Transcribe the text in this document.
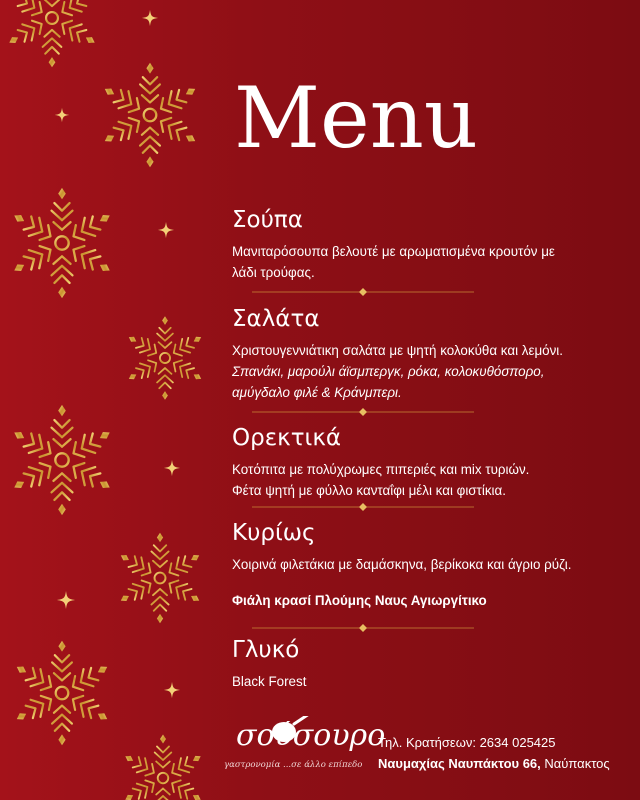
Menu
Σούπα
Μανιταρόσουπα βελουτέ με αρωματισμένα κρουτόν με
λάδι τρούφας.
Σαλάτα
Χριστουγεννιάτικη σαλάτα με ψητή κολοκύθα και λεμόνι.
Σπανάκι, μαρούλι άϊσμπεργκ, ρόκα, κολοκυθόσπορο,
αμύγδαλο φιλέ & Κράνμπερι.
Ορεκτικά
Κοτόπιτα με πολύχρωμες πιπεριές και mix τυριών.
Φέτα ψητή με φύλλο κανταΐφι μέλι και φιστίκια.
Κυρίως
Χοιρινά φιλετάκια με δαμάσκηνα, βερίκοκα και άγριο ρύζι.
Φιάλη κρασί Πλούμης Ναυς Αγιωργίτικο
Γλυκό
Black Forest
σούσουρο
γαστρονομία ...σε άλλο επίπεδο
Τηλ. Κρατήσεων: 2634 025425
Ναυμαχίας Ναυπάκτου 66, Ναύπακτος
